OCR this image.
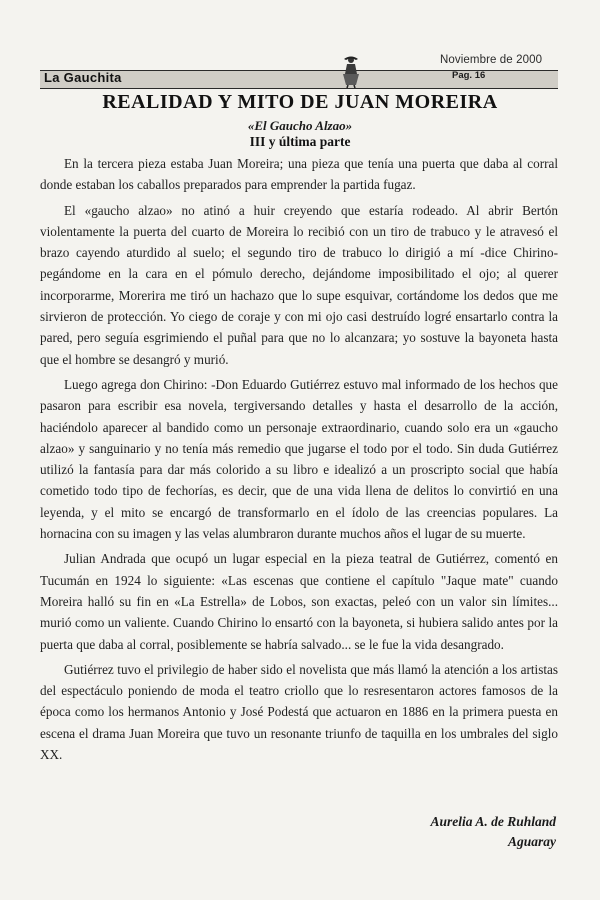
La Gauchita
Noviembre de 2000
Pag. 16
REALIDAD Y MITO DE JUAN MOREIRA
«El Gaucho Alzao»
III y última parte

En la tercera pieza estaba Juan Moreira; una pieza que tenía una puerta que daba al corral donde estaban los caballos preparados para emprender la partida fugaz.

El «gaucho alzao» no atinó a huir creyendo que estaría rodeado. Al abrir Bertón violentamente la puerta del cuarto de Moreira lo recibió con un tiro de trabuco y le atravesó el brazo cayendo aturdido al suelo; el segundo tiro de trabuco lo dirigió a mí -dice Chirino- pegándome en la cara en el pómulo derecho, dejándome imposibilitado el ojo; al querer incorporarme, Morerira me tiró un hachazo que lo supe esquivar, cortándome los dedos que me sirvieron de protección. Yo ciego de coraje y con mi ojo casi destruído logré ensartarlo contra la pared, pero seguía esgrimiendo el puñal para que no lo alcanzara; yo sostuve la bayoneta hasta que el hombre se desangró y murió.

Luego agrega don Chirino: -Don Eduardo Gutiérrez estuvo mal informado de los hechos que pasaron para escribir esa novela, tergiversando detalles y hasta el desarrollo de la acción, haciéndolo aparecer al bandido como un personaje extraordinario, cuando solo era un «gaucho alzao» y sanguinario y no tenía más remedio que jugarse el todo por el todo. Sin duda Gutiérrez utilizó la fantasía para dar más colorido a su libro e idealizó a un proscripto social que había cometido todo tipo de fechorías, es decir, que de una vida llena de delitos lo convirtió en una leyenda, y el mito se encargó de transformarlo en el ídolo de las creencias populares. La hornacina con su imagen y las velas alumbraron durante muchos años el lugar de su muerte.

Julian Andrada que ocupó un lugar especial en la pieza teatral de Gutiérrez, comentó en Tucumán en 1924 lo siguiente: «Las escenas que contiene el capítulo "Jaque mate" cuando Moreira halló su fin en «La Estrella» de Lobos, son exactas, peleó con un valor sin límites... murió como un valiente. Cuando Chirino lo ensartó con la bayoneta, si hubiera salido antes por la puerta que daba al corral, posiblemente se habría salvado... se le fue la vida desangrado.

Gutiérrez tuvo el privilegio de haber sido el novelista que más llamó la atención a los artistas del espectáculo poniendo de moda el teatro criollo que lo resresentaron actores famosos de la época como los hermanos Antonio y José Podestá que actuaron en 1886 en la primera puesta en escena el drama Juan Moreira que tuvo un resonante triunfo de taquilla en los umbrales del siglo XX.

Aurelia A. de Ruhland
Aguaray
